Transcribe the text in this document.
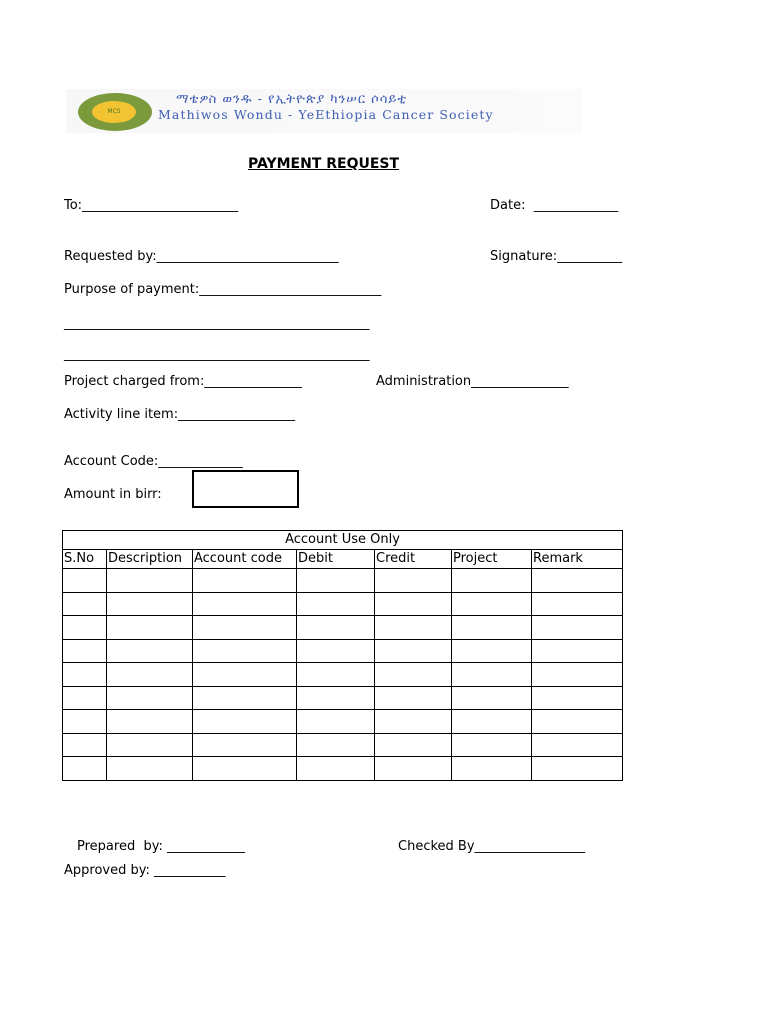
MCS
ማቴዎስ ወንዱ - የኢትዮጵያ ካንሠር ሶሳይቲ
Mathiwos Wondu - YeEthiopia Cancer Society
PAYMENT REQUEST
To:________________________	Date:  _____________
Requested by:____________________________	Signature:__________
Purpose of payment:____________________________
_______________________________________________
_______________________________________________
Project charged from:_______________	Administration_______________
Activity line item:__________________
Account Code:_____________
Amount in birr:
Account Use Only						
S.No	Description	Account code	Debit	Credit	Project	Remark

Prepared  by: ____________	Checked By_________________
Approved by: ___________
